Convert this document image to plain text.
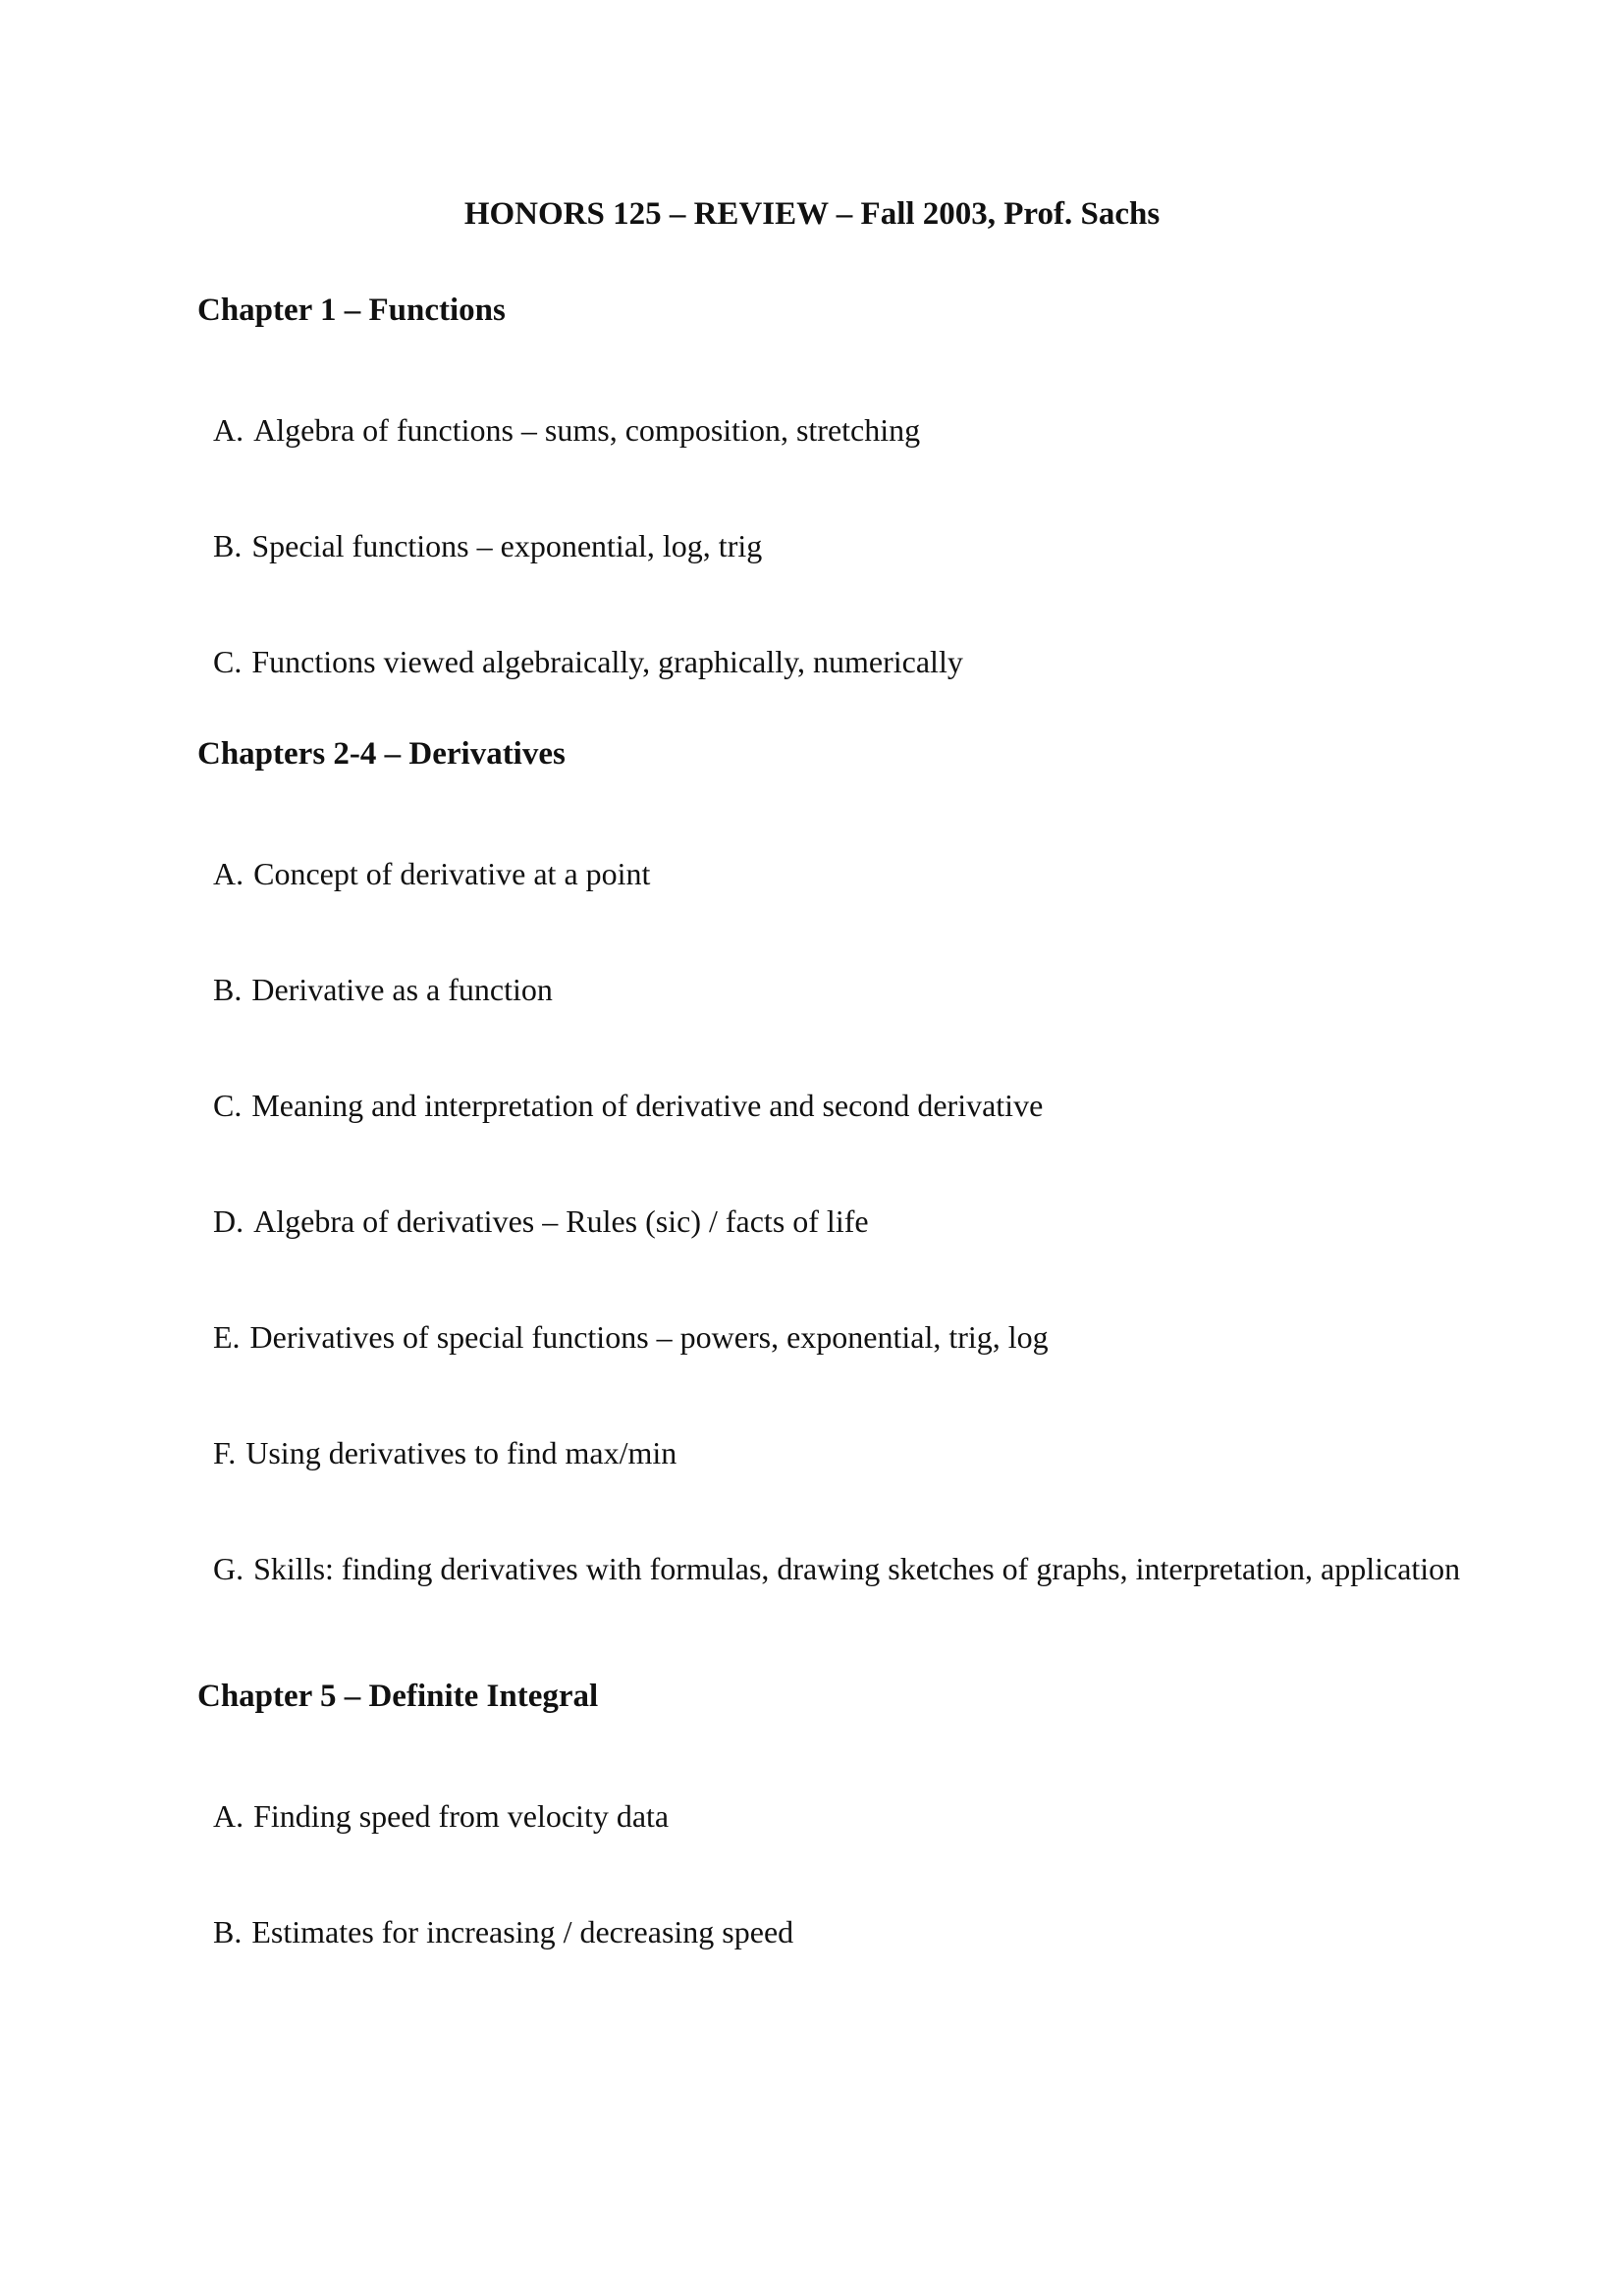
HONORS 125 – REVIEW – Fall 2003, Prof. Sachs
Chapter 1 – Functions
A. Algebra of functions – sums, composition, stretching
B. Special functions – exponential, log, trig
C. Functions viewed algebraically, graphically, numerically
Chapters 2-4 – Derivatives
A. Concept of derivative at a point
B. Derivative as a function
C. Meaning and interpretation of derivative and second derivative
D. Algebra of derivatives – Rules (sic) / facts of life
E. Derivatives of special functions – powers, exponential, trig, log
F. Using derivatives to find max/min
G. Skills: finding derivatives with formulas, drawing sketches of graphs, interpretation, application
Chapter 5 – Definite Integral
A. Finding speed from velocity data
B. Estimates for increasing / decreasing speed
